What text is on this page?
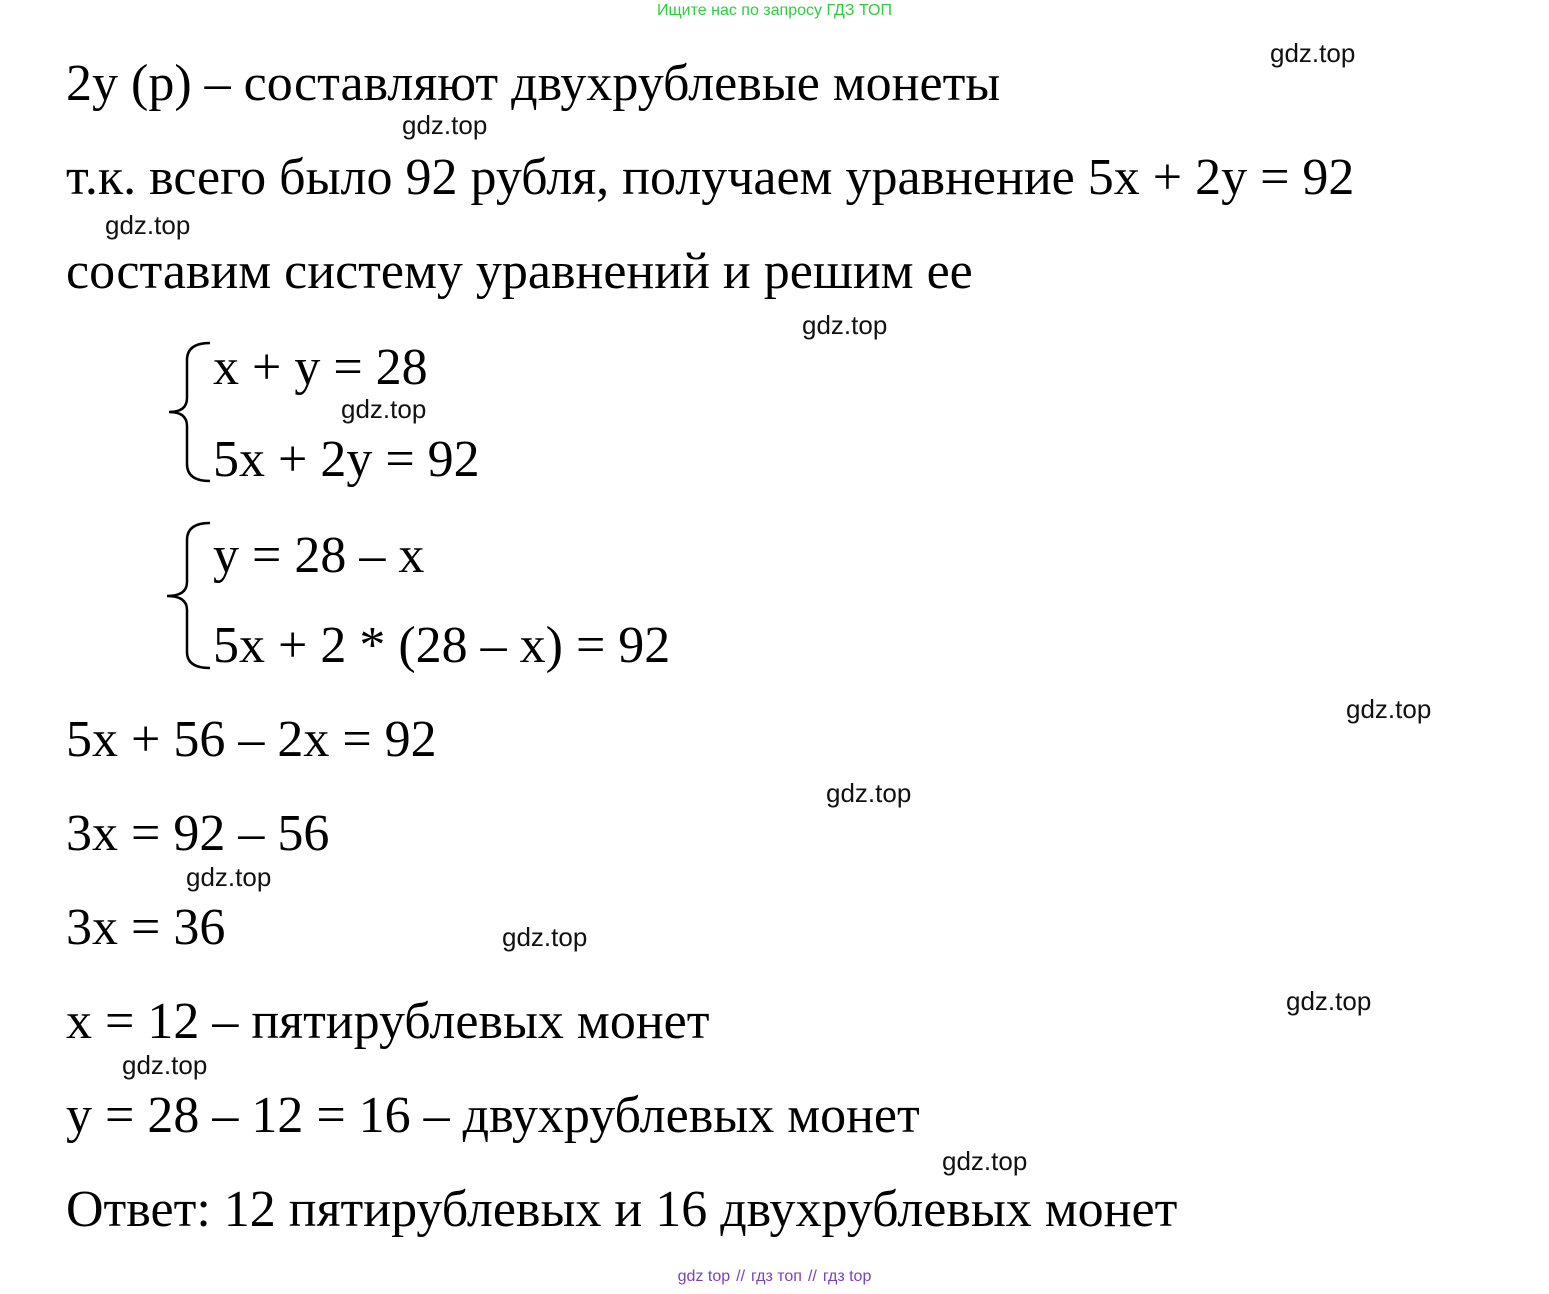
Ищите нас по запросу ГДЗ ТОП
2y (р) – составляют двухрублевые монеты
т.к. всего было 92 рубля, получаем уравнение 5x + 2y = 92
составим систему уравнений и решим ее
x + y = 28
5x + 2y = 92
y = 28 – x
5x + 2 * (28 – x) = 92
5x + 56 – 2x = 92
3x = 92 – 56
3x = 36
x = 12 – пятирублевых монет
y = 28 – 12 = 16 – двухрублевых монет
Ответ: 12 пятирублевых и 16 двухрублевых монет
gdz.top
gdz.top
gdz.top
gdz.top
gdz.top
gdz.top
gdz.top
gdz.top
gdz.top
gdz.top
gdz.top
gdz.top
gdz top // гдз топ // гдз top
